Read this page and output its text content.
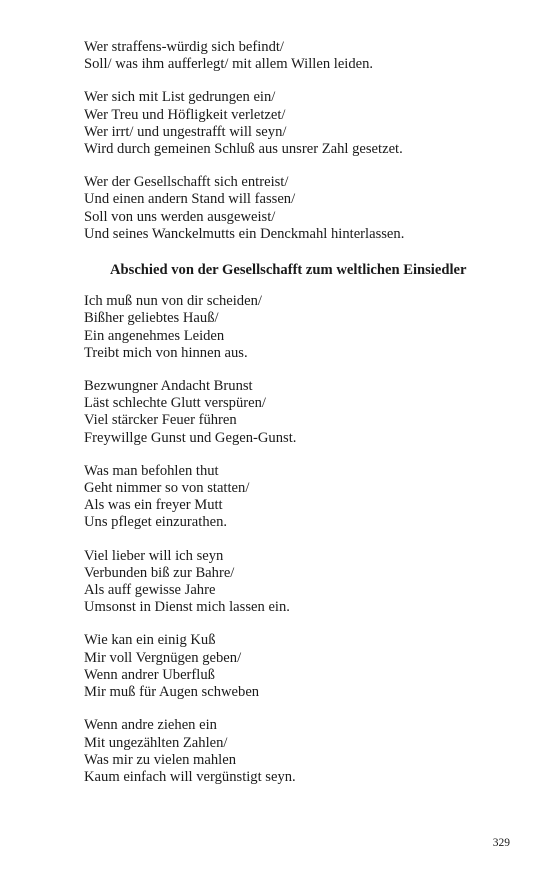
Wer straffens-würdig sich befindt/
Soll/ was ihm aufferlegt/ mit allem Willen leiden.
Wer sich mit List gedrungen ein/
Wer Treu und Höfligkeit verletzet/
Wer irrt/ und ungestrafft will seyn/
Wird durch gemeinen Schluß aus unsrer Zahl gesetzet.
Wer der Gesellschafft sich entreist/
Und einen andern Stand will fassen/
Soll von uns werden ausgeweist/
Und seines Wanckelmutts ein Denckmahl hinterlassen.
Abschied von der Gesellschafft zum weltlichen Einsiedler
Ich muß nun von dir scheiden/
Bißher geliebtes Hauß/
Ein angenehmes Leiden
Treibt mich von hinnen aus.
Bezwungner Andacht Brunst
Läst schlechte Glutt verspüren/
Viel stärcker Feuer führen
Freywillge Gunst und Gegen-Gunst.
Was man befohlen thut
Geht nimmer so von statten/
Als was ein freyer Mutt
Uns pfleget einzurathen.
Viel lieber will ich seyn
Verbunden biß zur Bahre/
Als auff gewisse Jahre
Umsonst in Dienst mich lassen ein.
Wie kan ein einig Kuß
Mir voll Vergnügen geben/
Wenn andrer Uberfluß
Mir muß für Augen schweben
Wenn andre ziehen ein
Mit ungezählten Zahlen/
Was mir zu vielen mahlen
Kaum einfach will vergünstigt seyn.
329
